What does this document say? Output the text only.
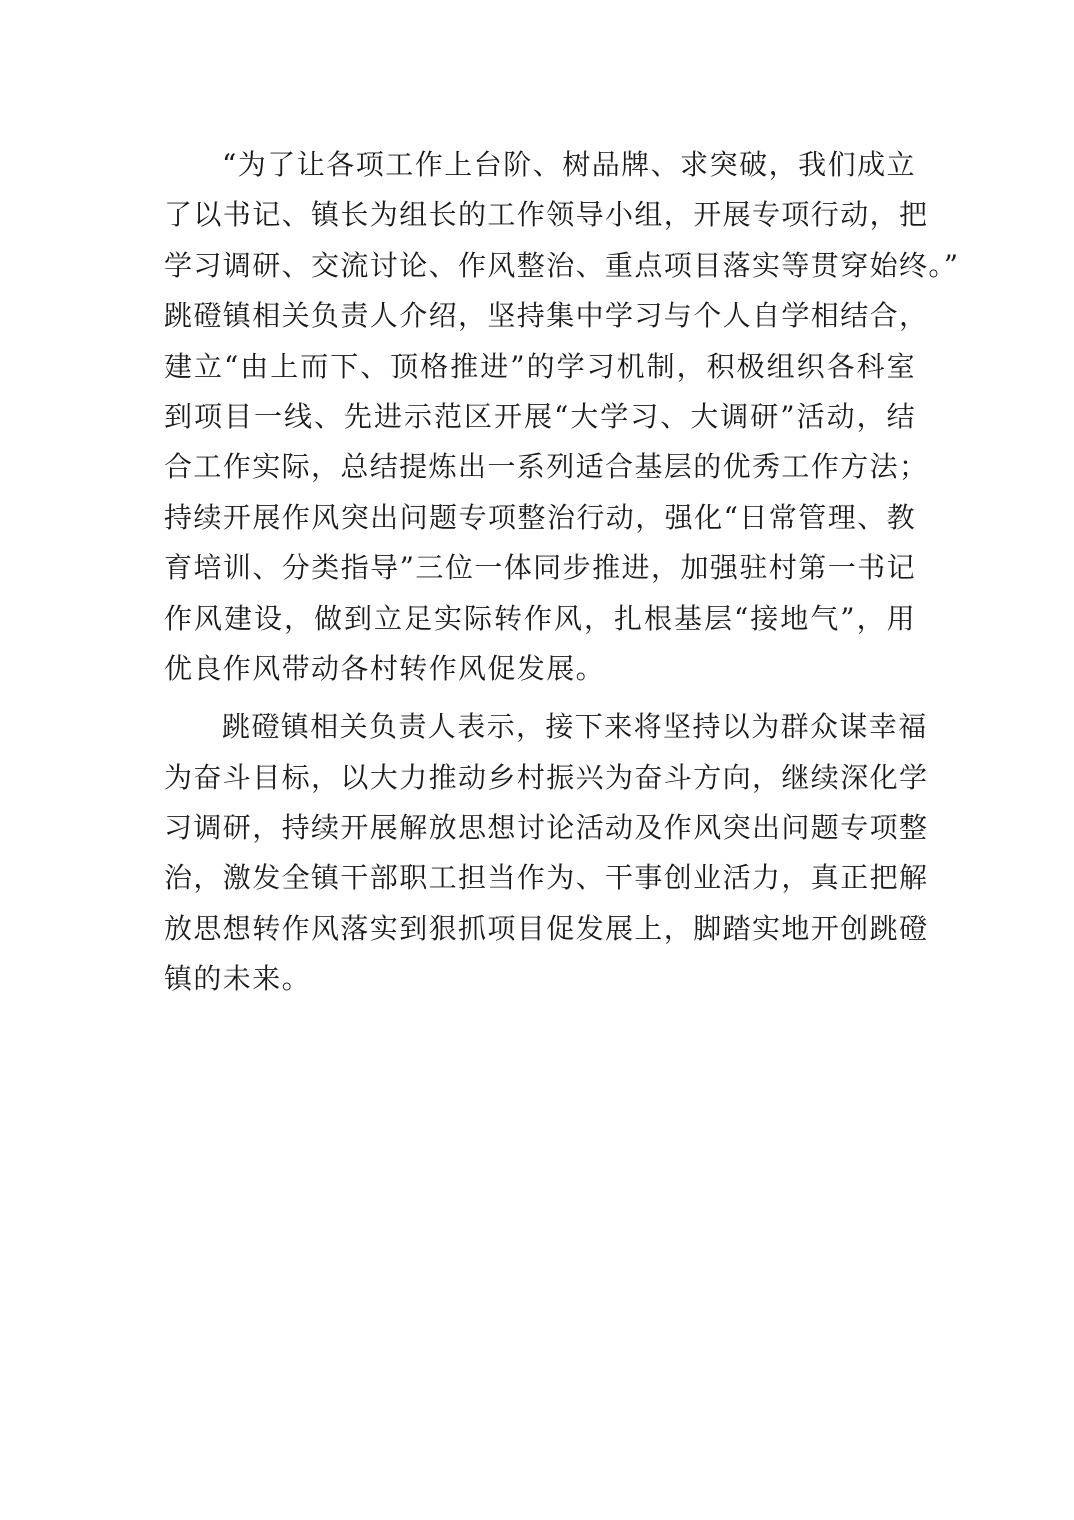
“为了让各项工作上台阶、树品牌、求突破，我们成立
了以书记、镇长为组长的工作领导小组，开展专项行动，把
学习调研、交流讨论、作风整治、重点项目落实等贯穿始终。”
跳磴镇相关负责人介绍，坚持集中学习与个人自学相结合，
建立“由上而下、顶格推进”的学习机制，积极组织各科室
到项目一线、先进示范区开展“大学习、大调研”活动，结
合工作实际，总结提炼出一系列适合基层的优秀工作方法；
持续开展作风突出问题专项整治行动，强化“日常管理、教
育培训、分类指导”三位一体同步推进，加强驻村第一书记
作风建设，做到立足实际转作风，扎根基层“接地气”，用
优良作风带动各村转作风促发展。
跳磴镇相关负责人表示，接下来将坚持以为群众谋幸福
为奋斗目标，以大力推动乡村振兴为奋斗方向，继续深化学
习调研，持续开展解放思想讨论活动及作风突出问题专项整
治，激发全镇干部职工担当作为、干事创业活力，真正把解
放思想转作风落实到狠抓项目促发展上，脚踏实地开创跳磴
镇的未来。
